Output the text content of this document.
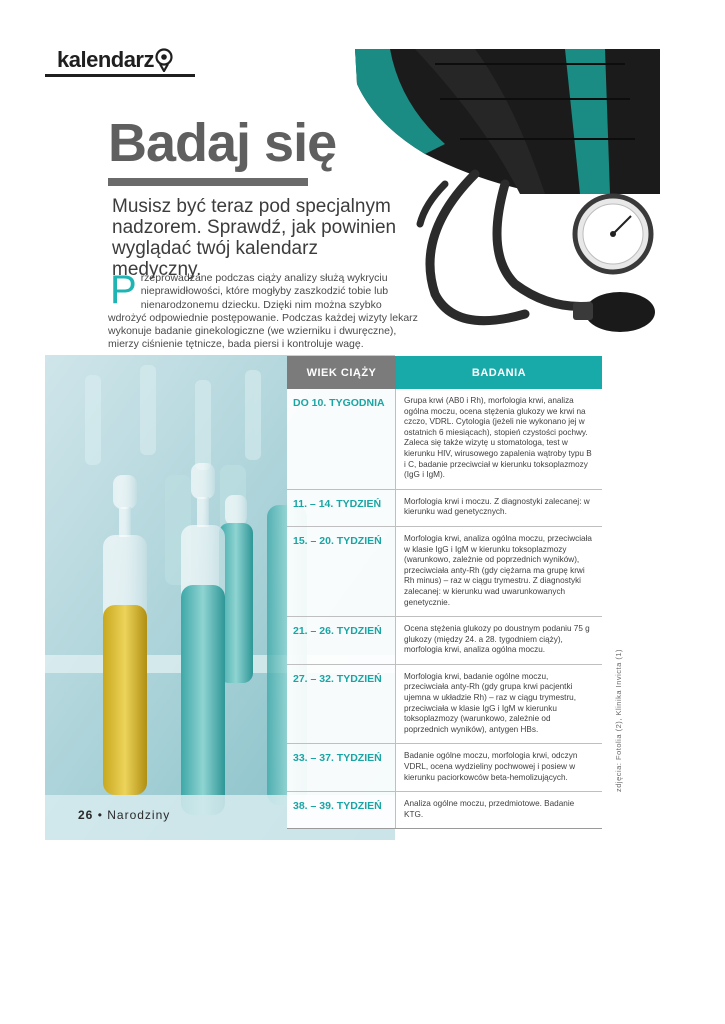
kalendarz
Badaj się
Musisz być teraz pod specjalnym nadzorem. Sprawdź, jak powinien wyglądać twój kalendarz medyczny.
Przeprowadzane podczas ciąży analizy służą wykryciu nieprawidłowości, które mogłyby zaszkodzić tobie lub nienarodzonemu dziecku. Dzięki nim można szybko wdrożyć odpowiednie postępowanie. Podczas każdej wizyty lekarz wykonuje badanie ginekologiczne (we wzierniku i dwuręczne), mierzy ciśnienie tętnicze, bada piersi i kontroluje wagę.
26 • Narodziny
WIEK CIĄŻY	BADANIA
DO 10. TYGODNIA	Grupa krwi (AB0 i Rh), morfologia krwi, analiza ogólna moczu, ocena stężenia glukozy we krwi na czczo, VDRL. Cytologia (jeżeli nie wykonano jej w ostatnich 6 miesiącach), stopień czystości pochwy. Zaleca się także wizytę u stomatologa, test w kierunku HIV, wirusowego zapalenia wątroby typu B i C, badanie przeciwciał w kierunku toksoplazmozy (IgG i IgM).
11. – 14. TYDZIEŃ	Morfologia krwi i moczu. Z diagnostyki zalecanej: w kierunku wad genetycznych.
15. – 20. TYDZIEŃ	Morfologia krwi, analiza ogólna moczu, przeciwciała w klasie IgG i IgM w kierunku toksoplazmozy (warunkowo, zależnie od poprzednich wyników), przeciwciała anty-Rh (gdy ciężarna ma grupę krwi Rh minus) – raz w ciągu trymestru. Z diagnostyki zalecanej: w kierunku wad uwarunkowanych genetycznie.
21. – 26. TYDZIEŃ	Ocena stężenia glukozy po doustnym podaniu 75 g glukozy (między 24. a 28. tygodniem ciąży), morfologia krwi, analiza ogólna moczu.
27. – 32. TYDZIEŃ	Morfologia krwi, badanie ogólne moczu, przeciwciała anty-Rh (gdy grupa krwi pacjentki ujemna w układzie Rh) – raz w ciągu trymestru, przeciwciała w klasie IgG i IgM w kierunku toksoplazmozy (warunkowo, zależnie od poprzednich wyników), antygen HBs.
33. – 37. TYDZIEŃ	Badanie ogólne moczu, morfologia krwi, odczyn VDRL, ocena wydzieliny pochwowej i posiew w kierunku paciorkowców beta-hemolizujących.
38. – 39. TYDZIEŃ	Analiza ogólne moczu, przedmiotowe. Badanie KTG.
zdjęcia: Fotolia (2), Klinika Invicta (1)
